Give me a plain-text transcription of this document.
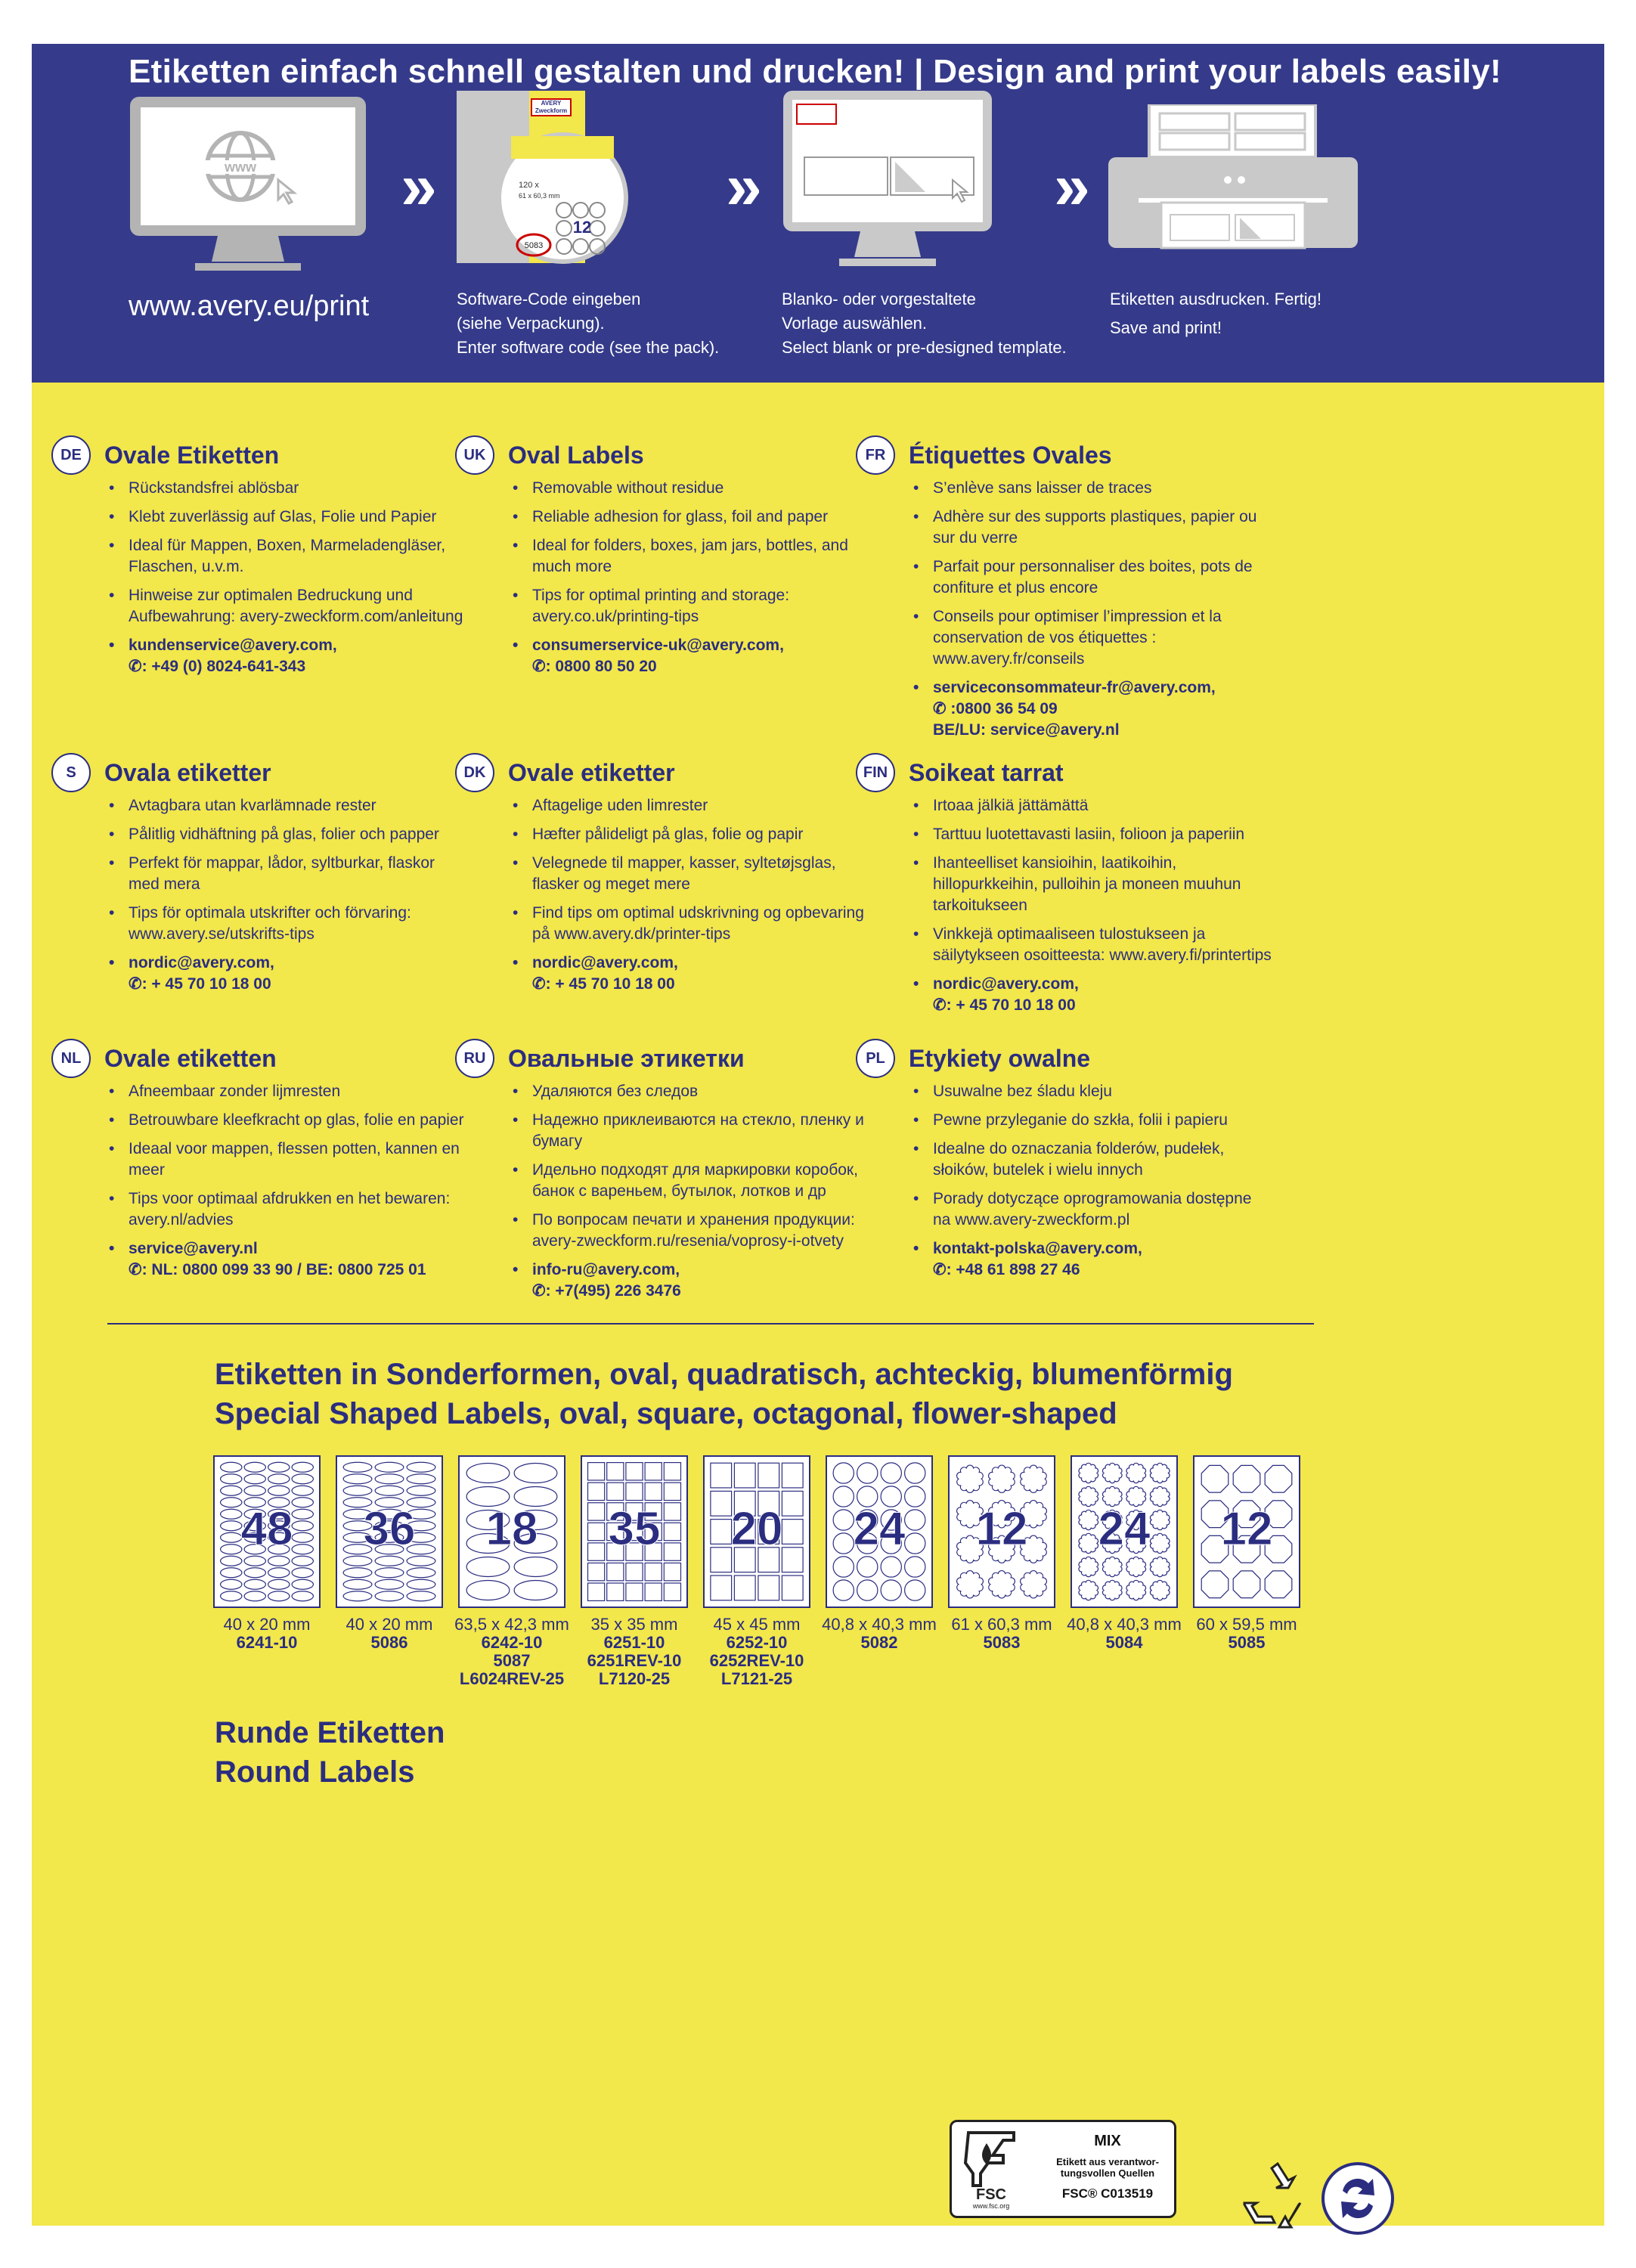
Etiketten einfach schnell gestalten und drucken! | Design and print your labels easily!
www
www.avery.eu/print
»	»	»
AVERY Zweckform
12
120 x
61 x 60,3 mm
5083
Software-Code eingeben
(siehe Verpackung).
Enter software code (see the pack).
Blanko- oder vorgestaltete
Vorlage auswählen.
Select blank or pre-designed template.
Etiketten ausdrucken. Fertig!
Save and print!
DE Ovale Etiketten
• Rückstandsfrei ablösbar
• Klebt zuverlässig auf Glas, Folie und Papier
• Ideal für Mappen, Boxen, Marmeladengläser, Flaschen, u.v.m.
• Hinweise zur optimalen Bedruckung und Aufbewahrung: avery-zweckform.com/anleitung
• kundenservice@avery.com,
✆: +49 (0) 8024-641-343
UK Oval Labels
• Removable without residue
• Reliable adhesion for glass, foil and paper
• Ideal for folders, boxes, jam jars, bottles, and much more
• Tips for optimal printing and storage: avery.co.uk/printing-tips
• consumerservice-uk@avery.com,
✆: 0800 80 50 20
FR Étiquettes Ovales
• S’enlève sans laisser de traces
• Adhère sur des supports plastiques, papier ou sur du verre
• Parfait pour personnaliser des boites, pots de confiture et plus encore
• Conseils pour optimiser l’impression et la conservation de vos étiquettes : www.avery.fr/conseils
• serviceconsommateur-fr@avery.com,
✆ :0800 36 54 09
BE/LU: service@avery.nl
S	Ovala etiketter
• Avtagbara utan kvarlämnade rester
• Pålitlig vidhäftning på glas, folier och papper
• Perfekt för mappar, lådor, syltburkar, flaskor med mera
• Tips för optimala utskrifter och förvaring: www.avery.se/utskrifts-tips
• nordic@avery.com,
✆: + 45 70 10 18 00
DK Ovale etiketter
• Aftagelige uden limrester
• Hæfter pålideligt på glas, folie og papir
• Velegnede til mapper, kasser, syltetøjsglas, flasker og meget mere
• Find tips om optimal udskrivning og opbevaring på www.avery.dk/printer-tips
• nordic@avery.com,
✆: + 45 70 10 18 00
FIN Soikeat tarrat
• Irtoaa jälkiä jättämättä
• Tarttuu luotettavasti lasiin, folioon ja paperiin
• Ihanteelliset kansioihin, laatikoihin, hillopurkkeihin, pulloihin ja moneen muuhun tarkoitukseen
• Vinkkejä optimaaliseen tulostukseen ja säilytykseen osoitteesta: www.avery.fi/printertips
• nordic@avery.com,
✆: + 45 70 10 18 00
NL Ovale etiketten
• Afneembaar zonder lijmresten
• Betrouwbare kleefkracht op glas, folie en papier
• Ideaal voor mappen, flessen potten, kannen en meer
• Tips voor optimaal afdrukken en het bewaren: avery.nl/advies
• service@avery.nl
✆: NL: 0800 099 33 90 / BE: 0800 725 01
RU Овальные этикетки
• Удаляются без следов
• Надежно приклеиваются на стекло, пленку и бумагу
• Идельно подходят для маркировки коробок, банок с вареньем, бутылок, лотков и др
• По вопросам печати и хранения продукции: avery-zweckform.ru/resenia/voprosy-i-otvety
• info-ru@avery.com,
✆: +7(495) 226 3476
PL Etykiety owalne
• Usuwalne bez śladu kleju
• Pewne przyleganie do szkła, folii i papieru
• Idealne do oznaczania folderów, pudełek, słoików, butelek i wielu innych
• Porady dotyczące oprogramowania dostępne na www.avery-zweckform.pl
• kontakt-polska@avery.com,
✆: +48 61 898 27 46
Etiketten in Sonderformen, oval, quadratisch, achteckig, blumenförmig
Special Shaped Labels, oval, square, octagonal, flower-shaped
48
40 x 20 mm
6241-10
36
40 x 20 mm
5086
18
63,5 x 42,3 mm
6242-10
5087
L6024REV-25
35
35 x 35 mm
6251-10
6251REV-10
L7120-25
20
45 x 45 mm
6252-10
6252REV-10
L7121-25
24
40,8 x 40,3 mm
5082
12
61 x 60,3 mm
5083
24
40,8 x 40,3 mm
5084
12
60 x 59,5 mm
5085
Runde Etiketten
Round Labels
FSC
www.fsc.org
MIX
Etikett aus verantwor-
tungsvollen Quellen
FSC® C013519
